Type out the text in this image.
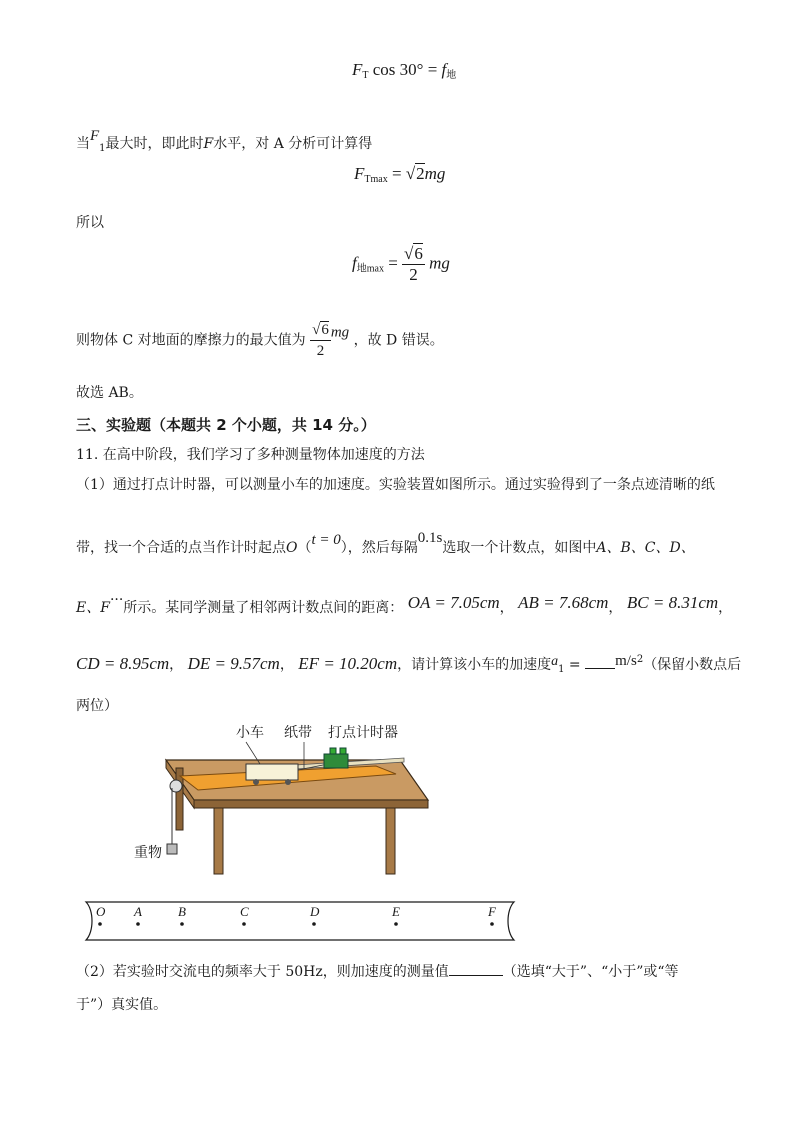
$F_T$ $\cos 30^\circ = f_地$
当$F_1$最大时，即此时F水平，对 A 分析可计算得
$F_{Tmax} = √2mg$
所以
$f_{地max} = \frac{√6}{2}$ mg
则物体 C 对地面的摩擦力的最大值为 $\frac{√6}{2}$ mg ，故 D 错误。
故选 AB。
三、实验题（本题共 2 个小题，共 14 分。）
11. 在高中阶段，我们学习了多种测量物体加速度的方法
（1）通过打点计时器，可以测量小车的加速度。实验装置如图所示。通过实验得到了一条点迹清晰的纸
带，找一个合适的点当作计时起点O（t = 0），然后每隔0.1s选取一个计数点，如图中A、B、C、D、
E、F···所示。某同学测量了相邻两计数点间的距离： OA = 7.05cm， AB = 7.68cm， BC = 8.31cm，
CD = 8.95cm， DE = 9.57cm， EF = 10.20cm，请计算该小车的加速度$a_1 = m/s^2$（保留小数点后
两位）
小车 纸带 打点计时器
重物
O A	B	C	D	E	F
（2）若实验时交流电的频率大于 50Hz，则加速度的测量值	（选填“大于”、“小于”或“等
于”）真实值。
